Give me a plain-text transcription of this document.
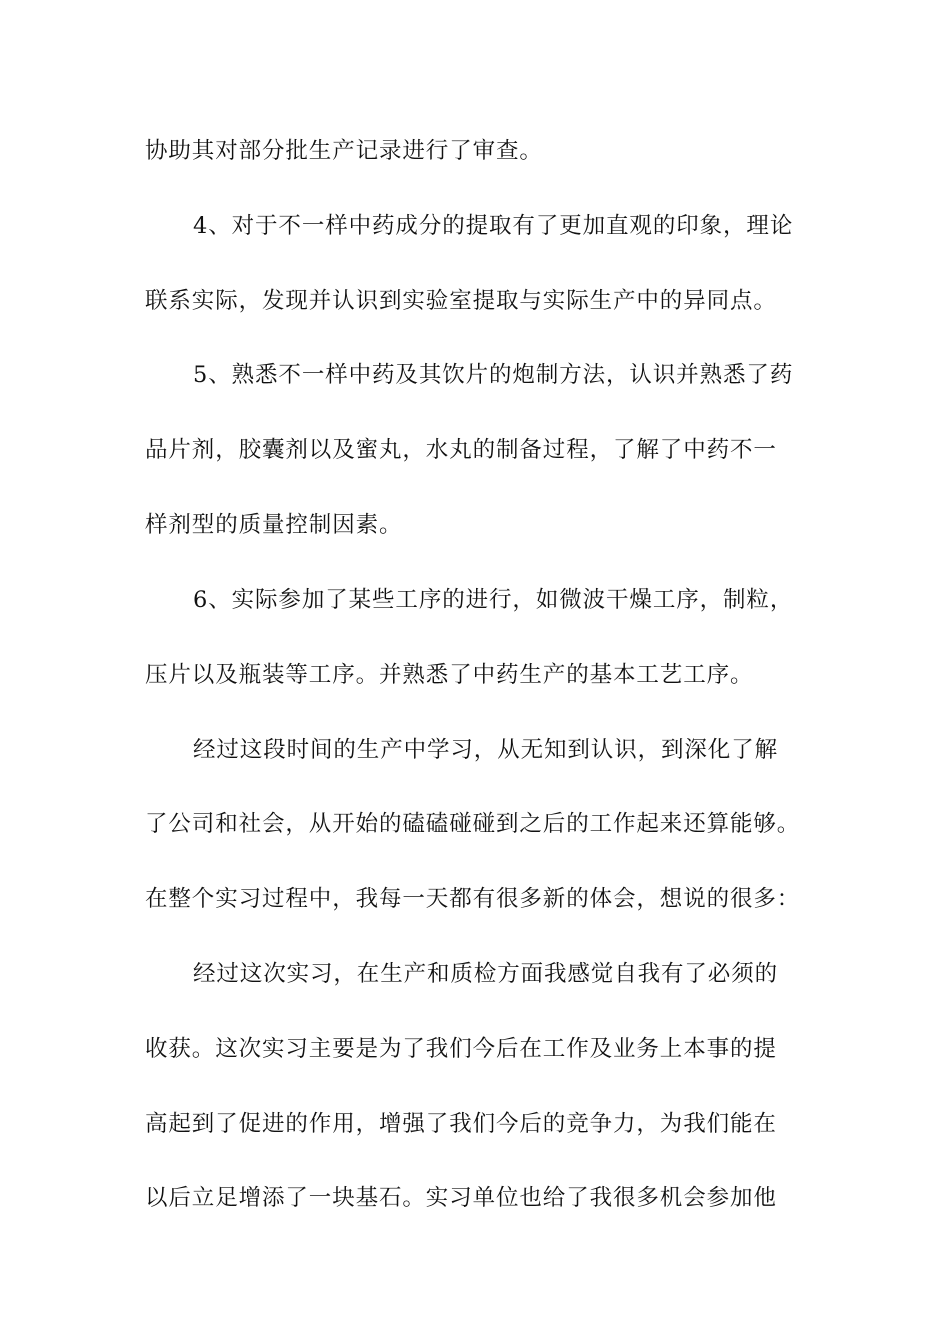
协助其对部分批生产记录进行了审查。
4、对于不一样中药成分的提取有了更加直观的印象，理论
联系实际，发现并认识到实验室提取与实际生产中的异同点。
5、熟悉不一样中药及其饮片的炮制方法，认识并熟悉了药
品片剂，胶囊剂以及蜜丸，水丸的制备过程，了解了中药不一
样剂型的质量控制因素。
6、实际参加了某些工序的进行，如微波干燥工序，制粒，
压片以及瓶装等工序。并熟悉了中药生产的基本工艺工序。
经过这段时间的生产中学习，从无知到认识，到深化了解
了公司和社会，从开始的磕磕碰碰到之后的工作起来还算能够。
在整个实习过程中，我每一天都有很多新的体会，想说的很多：
经过这次实习，在生产和质检方面我感觉自我有了必须的
收获。这次实习主要是为了我们今后在工作及业务上本事的提
高起到了促进的作用，增强了我们今后的竞争力，为我们能在
以后立足增添了一块基石。实习单位也给了我很多机会参加他
